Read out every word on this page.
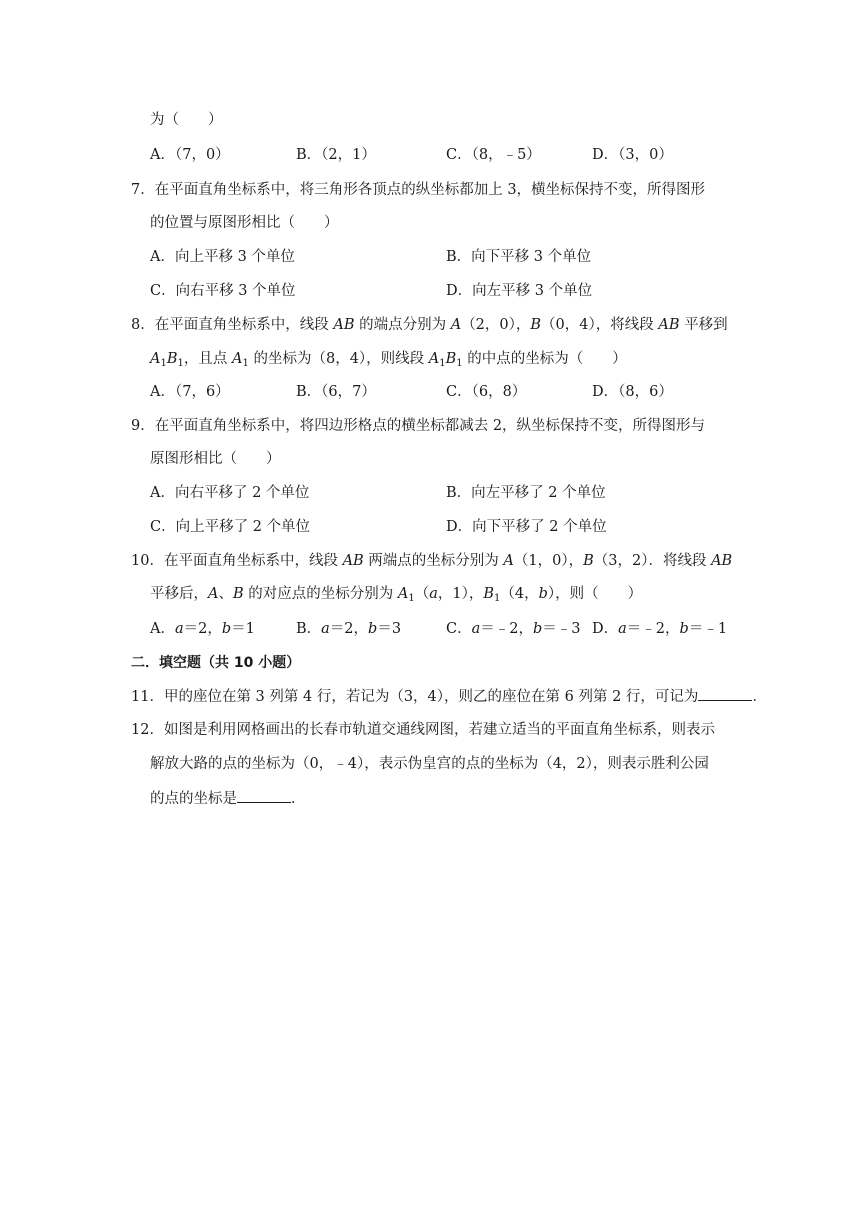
为（　　）
A．（7，0）	B．（2，1）	C．（8，﹣5）	D．（3，0）
7．在平面直角坐标系中，将三角形各顶点的纵坐标都加上 3，横坐标保持不变，所得图形
的位置与原图形相比（　　）
A．向上平移 3 个单位	B．向下平移 3 个单位
C．向右平移 3 个单位	D．向左平移 3 个单位
8．在平面直角坐标系中，线段 AB 的端点分别为 A（2，0），B（0，4），将线段 AB 平移到
$A_1B_1$，且点 $A_1$ 的坐标为（8，4），则线段 $A_1B_1$ 的中点的坐标为（　　）
A．（7，6）	B．（6，7）	C．（6，8）	D．（8，6）
9．在平面直角坐标系中，将四边形格点的横坐标都减去 2，纵坐标保持不变，所得图形与
原图形相比（　　）
A．向右平移了 2 个单位	B．向左平移了 2 个单位
C．向上平移了 2 个单位	D．向下平移了 2 个单位
10．在平面直角坐标系中，线段 AB 两端点的坐标分别为 A（1，0），B（3，2）．将线段 AB
平移后，A、B 的对应点的坐标分别为 $A_1(a$，1），$B_1(4$，b），则（　　）
A．a＝2，b＝1	B．a＝2，b＝3	C．a＝﹣2，b＝﹣3 D．a＝﹣2，b＝﹣1
二．填空题（共 10 小题）
11．甲的座位在第 3 列第 4 行，若记为（3，4），则乙的座位在第 6 列第 2 行，可记为	．
12．如图是利用网格画出的长春市轨道交通线网图，若建立适当的平面直角坐标系，则表示
解放大路的点的坐标为（0，﹣4），表示伪皇宫的点的坐标为（4，2），则表示胜利公园
的点的坐标是	．
